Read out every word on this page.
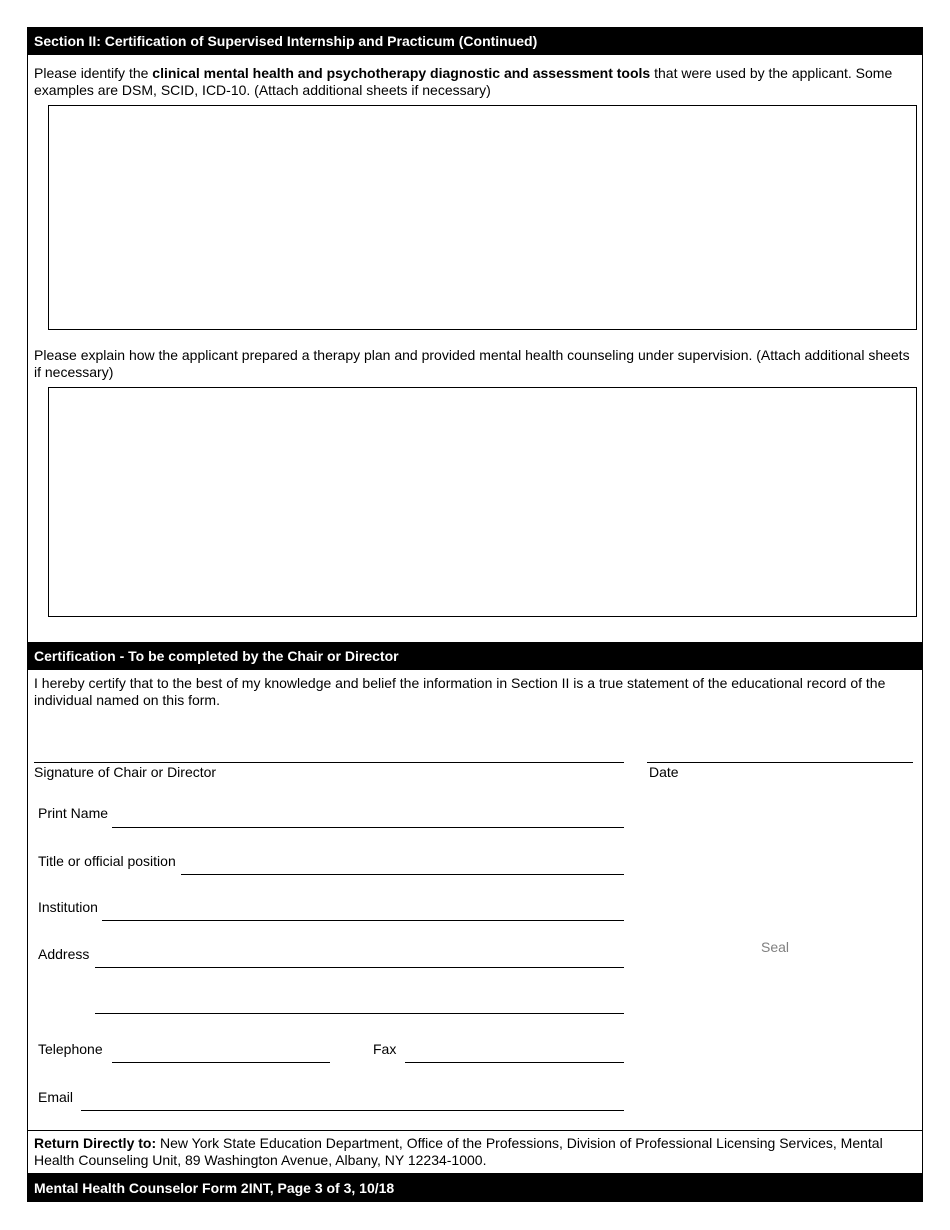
Section II: Certification of Supervised Internship and Practicum (Continued)
Please identify the clinical mental health and psychotherapy diagnostic and assessment tools that were used by the applicant. Some examples are DSM, SCID, ICD-10. (Attach additional sheets if necessary)
Please explain how the applicant prepared a therapy plan and provided mental health counseling under supervision. (Attach additional sheets if necessary)
Certification - To be completed by the Chair or Director
I hereby certify that to the best of my knowledge and belief the information in Section II is a true statement of the educational record of the individual named on this form.
Signature of Chair or Director	Date
Print Name
Title or official position
Institution
Address	Seal
Telephone	Fax
Email
Return Directly to: New York State Education Department, Office of the Professions, Division of Professional Licensing Services, Mental Health Counseling Unit, 89 Washington Avenue, Albany, NY 12234-1000.
Mental Health Counselor Form 2INT, Page 3 of 3, 10/18
